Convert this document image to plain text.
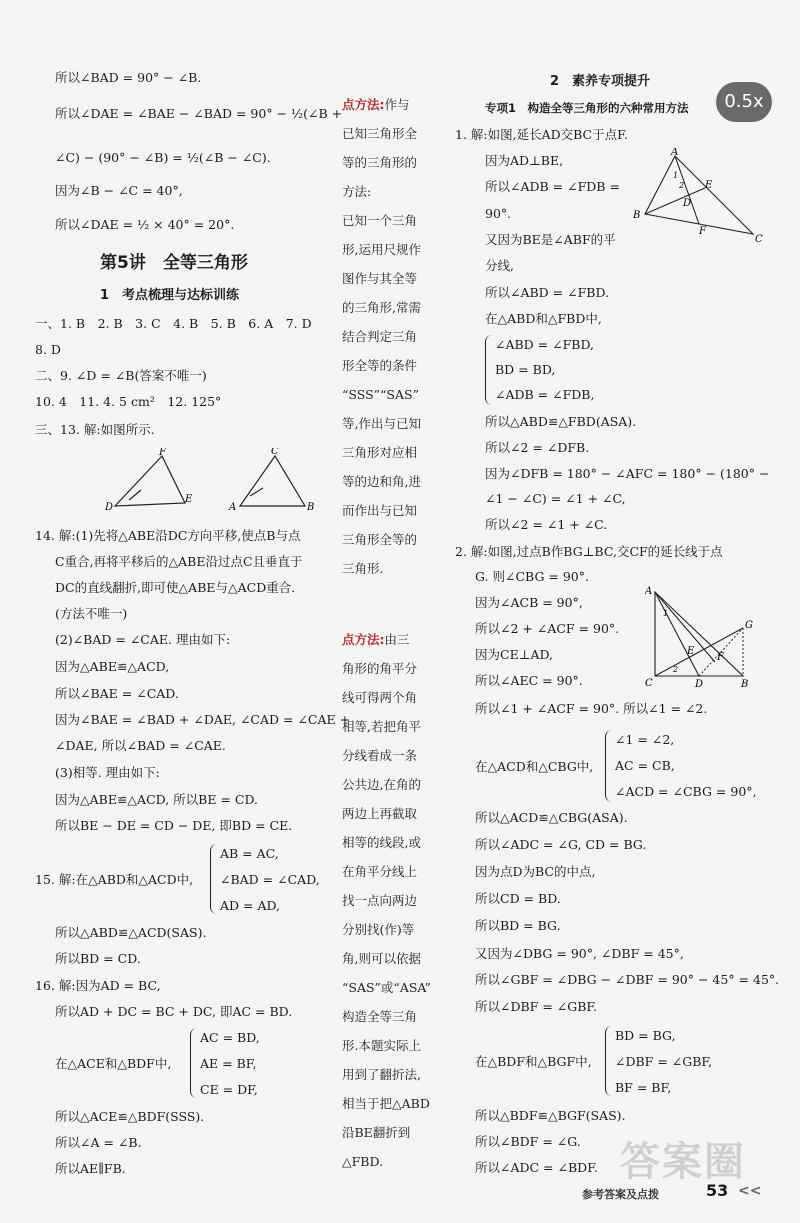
所以∠BAD = 90° − ∠B.
所以∠DAE = ∠BAE − ∠BAD = 90° − ½(∠B +
∠C) − (90° − ∠B) = ½(∠B − ∠C).
因为∠B − ∠C = 40°,
所以∠DAE = ½ × 40° = 20°.
第5讲　全等三角形
1　考点梳理与达标训练
一、1. B　2. B　3. C　4. B　5. B　6. A　7. D
8. D
二、9. ∠D = ∠B(答案不唯一)
10. 4　11. 4. 5 cm²　12. 125°
三、13. 解:如图所示.
D
F
E
A
C
B
14. 解:(1)先将△ABE沿DC方向平移,使点B与点
C重合,再将平移后的△ABE沿过点C且垂直于
DC的直线翻折,即可使△ABE与△ACD重合.
(方法不唯一)
(2)∠BAD = ∠CAE. 理由如下:
因为△ABE≌△ACD,
所以∠BAE = ∠CAD.
因为∠BAE = ∠BAD + ∠DAE, ∠CAD = ∠CAE +
∠DAE, 所以∠BAD = ∠CAE.
(3)相等. 理由如下:
因为△ABE≌△ACD, 所以BE = CD.
所以BE − DE = CD − DE, 即BD = CE.
15. 解:在△ABD和△ACD中,
AB = AC,
∠BAD = ∠CAD,
AD = AD,
所以△ABD≌△ACD(SAS).
所以BD = CD.
16. 解:因为AD = BC,
所以AD + DC = BC + DC, 即AC = BD.
在△ACE和△BDF中,
AC = BD,
AE = BF,
CE = DF,
所以△ACE≌△BDF(SSS).
所以∠A = ∠B.
所以AE∥FB.
点方法:作与
已知三角形全
等的三角形的
方法:
已知一个三角
形,运用尺规作
图作与其全等
的三角形,常需
结合判定三角
形全等的条件
“SSS”“SAS”
等,作出与已知
三角形对应相
等的边和角,进
而作出与已知
三角形全等的
三角形.
点方法:由三
角形的角平分
线可得两个角
相等,若把角平
分线看成一条
公共边,在角的
两边上再截取
相等的线段,或
在角平分线上
找一点向两边
分别找(作)等
角,则可以依据
“SAS”或“ASA”
构造全等三角
形.本题实际上
用到了翻折法,
相当于把△ABD
沿BE翻折到
△FBD.
2　素养专项提升
专项1　构造全等三角形的六种常用方法
1. 解:如图,延长AD交BC于点F.
因为AD⊥BE,
所以∠ADB = ∠FDB =
90°.
又因为BE是∠ABF的平
分线,
A
B
C
E
D
F
1
2
所以∠ABD = ∠FBD.
在△ABD和△FBD中,
∠ABD = ∠FBD,
BD = BD,
∠ADB = ∠FDB,
所以△ABD≌△FBD(ASA).
所以∠2 = ∠DFB.
因为∠DFB = 180° − ∠AFC = 180° − (180° −
∠1 − ∠C) = ∠1 + ∠C,
所以∠2 = ∠1 + ∠C.
2. 解:如图,过点B作BG⊥BC,交CF的延长线于点
G. 则∠CBG = 90°.
因为∠ACB = 90°,
所以∠2 + ∠ACF = 90°.
因为CE⊥AD,
所以∠AEC = 90°.
A
C	D	B
G
F
E
1
2
所以∠1 + ∠ACF = 90°. 所以∠1 = ∠2.
在△ACD和△CBG中,
∠1 = ∠2,
AC = CB,
∠ACD = ∠CBG = 90°,
所以△ACD≌△CBG(ASA).
所以∠ADC = ∠G, CD = BG.
因为点D为BC的中点,
所以CD = BD.
所以BD = BG.
又因为∠DBG = 90°, ∠DBF = 45°,
所以∠GBF = ∠DBG − ∠DBF = 90° − 45° = 45°.
所以∠DBF = ∠GBF.
在△BDF和△BGF中,
BD = BG,
∠DBF = ∠GBF,
BF = BF,
所以△BDF≌△BGF(SAS).
所以∠BDF = ∠G.
所以∠ADC = ∠BDF. 答案圈
参考答案及点拨	53 <<
0.5x
